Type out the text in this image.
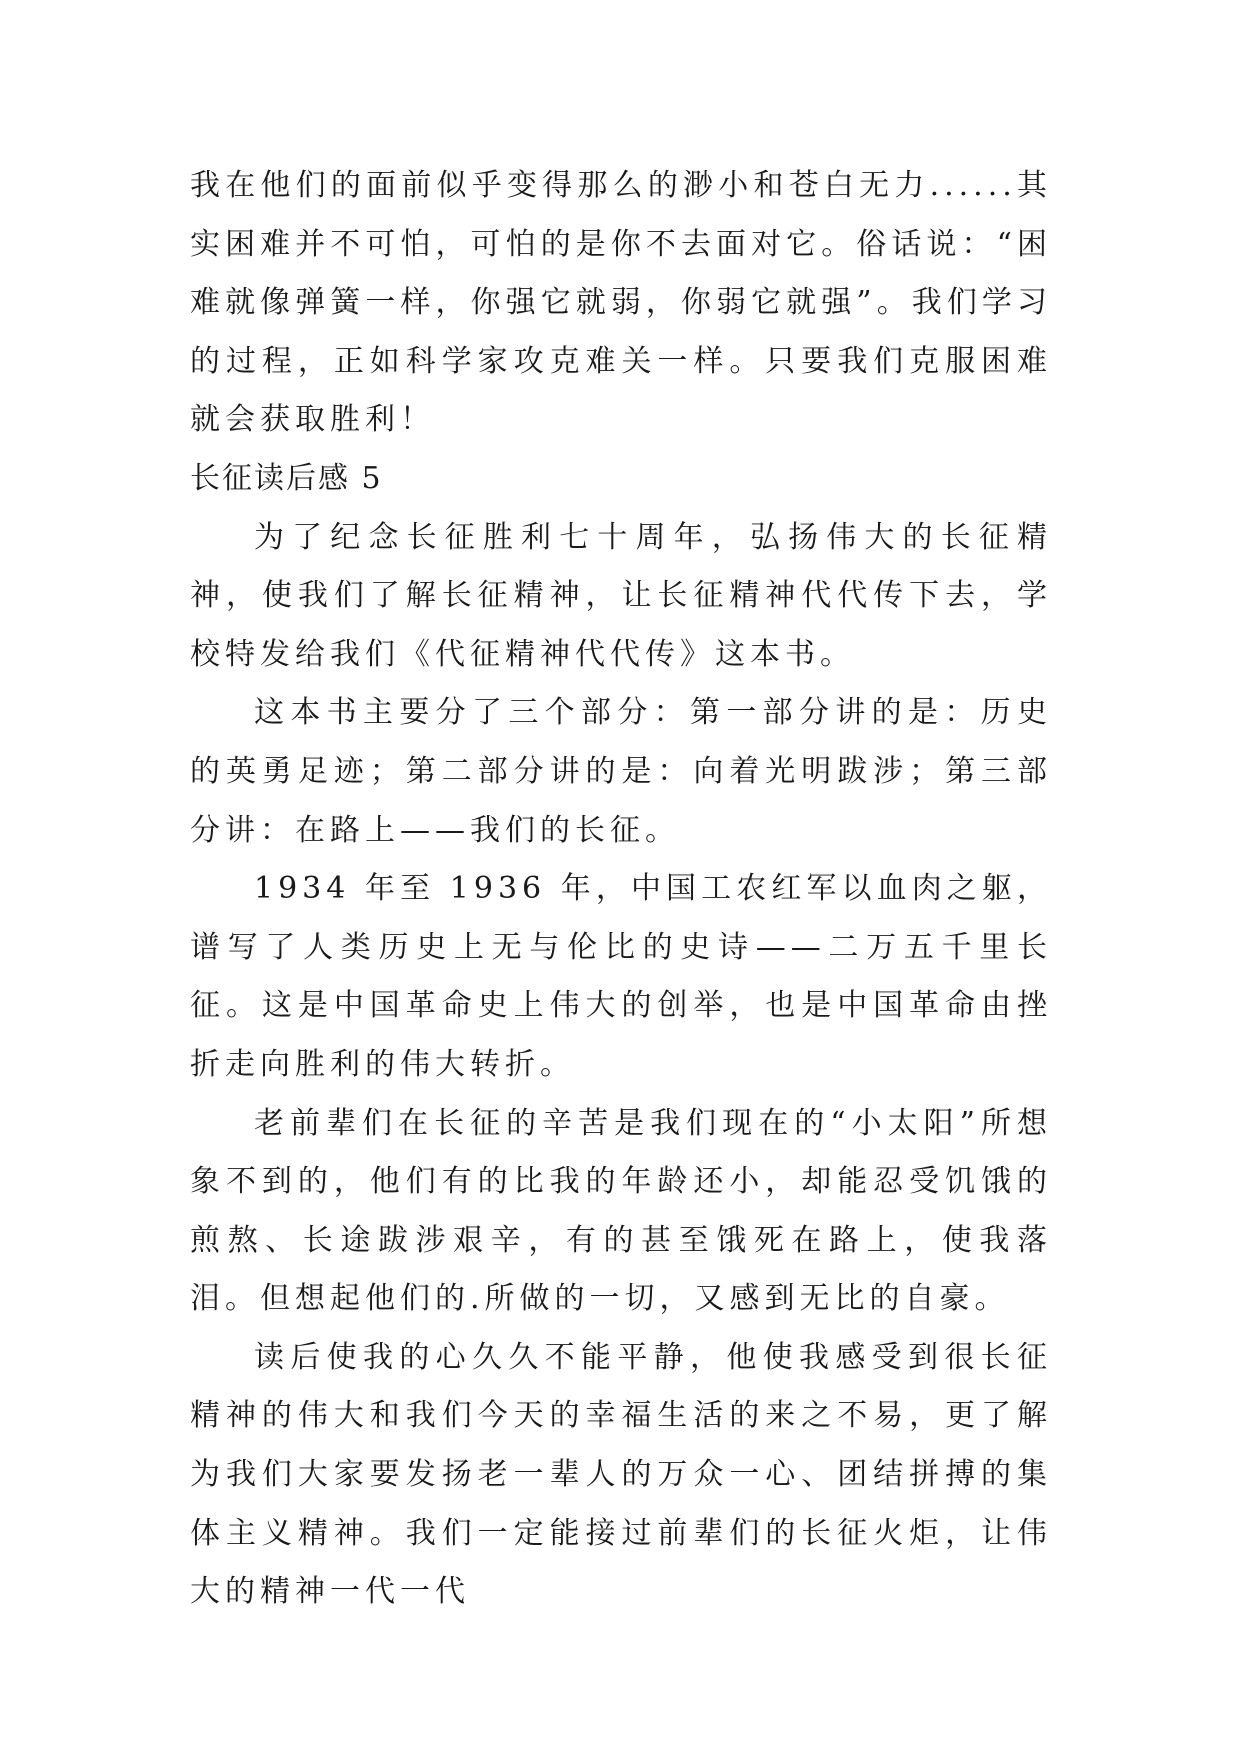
我在他们的面前似乎变得那么的渺小和苍白无力......其实困难并不可怕，可怕的是你不去面对它。俗话说：“困难就像弹簧一样，你强它就弱，你弱它就强”。我们学习的过程，正如科学家攻克难关一样。只要我们克服困难就会获取胜利！

长征读后感 5

为了纪念长征胜利七十周年，弘扬伟大的长征精神，使我们了解长征精神，让长征精神代代传下去，学校特发给我们《代征精神代代传》这本书。

这本书主要分了三个部分：第一部分讲的是：历史的英勇足迹；第二部分讲的是：向着光明跋涉；第三部分讲：在路上——我们的长征。

1934 年至 1936 年，中国工农红军以血肉之躯，谱写了人类历史上无与伦比的史诗——二万五千里长征。这是中国革命史上伟大的创举，也是中国革命由挫折走向胜利的伟大转折。

老前辈们在长征的辛苦是我们现在的“小太阳”所想象不到的，他们有的比我的年龄还小，却能忍受饥饿的煎熬、长途跋涉艰辛，有的甚至饿死在路上，使我落泪。但想起他们的.所做的一切，又感到无比的自豪。

读后使我的心久久不能平静，他使我感受到很长征精神的伟大和我们今天的幸福生活的来之不易，更了解为我们大家要发扬老一辈人的万众一心、团结拼搏的集体主义精神。我们一定能接过前辈们的长征火炬，让伟大的精神一代一代
